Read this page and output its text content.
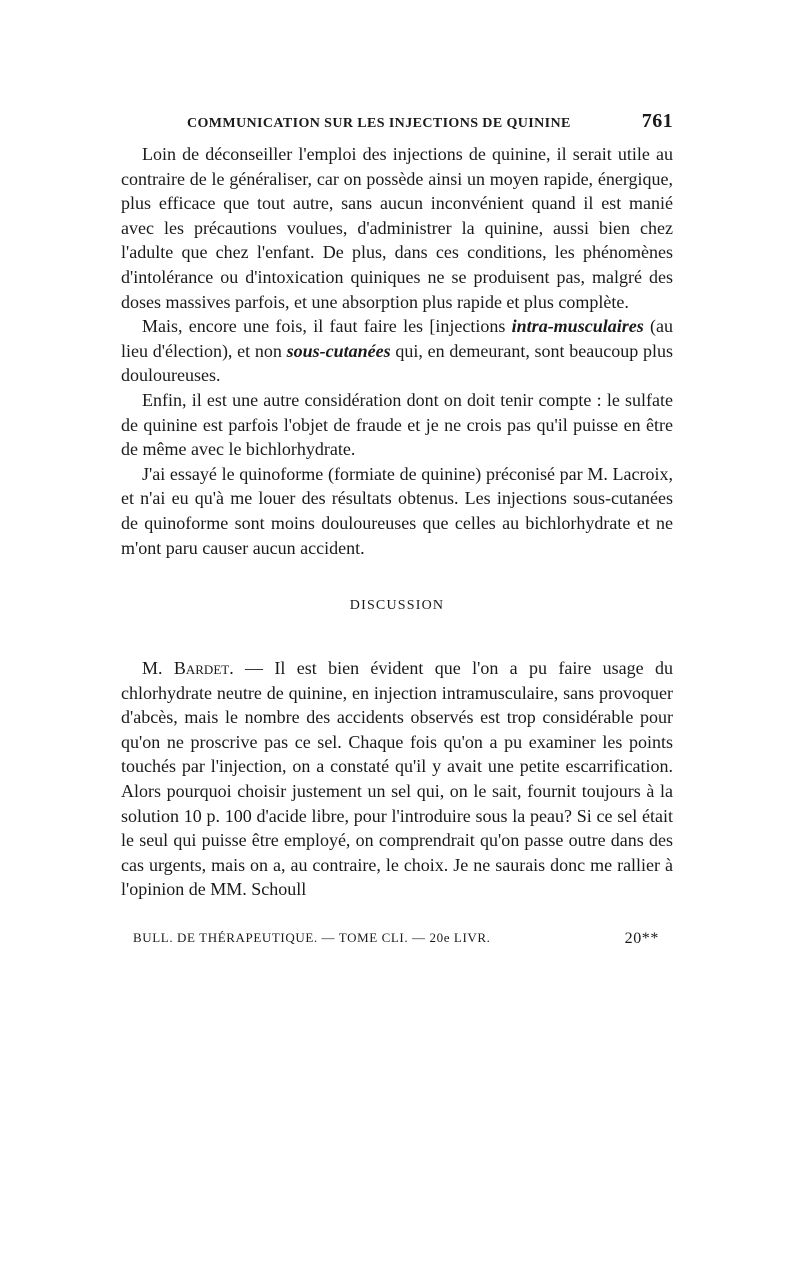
COMMUNICATION SUR LES INJECTIONS DE QUININE	761

Loin de déconseiller l'emploi des injections de quinine, il serait utile au contraire de le généraliser, car on possède ainsi un moyen rapide, énergique, plus efficace que tout autre, sans aucun inconvénient quand il est manié avec les précautions voulues, d'administrer la quinine, aussi bien chez l'adulte que chez l'enfant. De plus, dans ces conditions, les phénomènes d'intolérance ou d'intoxication quiniques ne se produisent pas, malgré des doses massives parfois, et une absorption plus rapide et plus complète.

Mais, encore une fois, il faut faire les [injections intra-musculaires (au lieu d'élection), et non sous-cutanées qui, en demeurant, sont beaucoup plus douloureuses.

Enfin, il est une autre considération dont on doit tenir compte : le sulfate de quinine est parfois l'objet de fraude et je ne crois pas qu'il puisse en être de même avec le bichlorhydrate.

J'ai essayé le quinoforme (formiate de quinine) préconisé par M. Lacroix, et n'ai eu qu'à me louer des résultats obtenus. Les injections sous-cutanées de quinoforme sont moins douloureuses que celles au bichlorhydrate et ne m'ont paru causer aucun accident.

DISCUSSION

M. Bardet. — Il est bien évident que l'on a pu faire usage du chlorhydrate neutre de quinine, en injection intramusculaire, sans provoquer d'abcès, mais le nombre des accidents observés est trop considérable pour qu'on ne proscrive pas ce sel. Chaque fois qu'on a pu examiner les points touchés par l'injection, on a constaté qu'il y avait une petite escarrification. Alors pourquoi choisir justement un sel qui, on le sait, fournit toujours à la solution 10 p. 100 d'acide libre, pour l'introduire sous la peau? Si ce sel était le seul qui puisse être employé, on comprendrait qu'on passe outre dans des cas urgents, mais on a, au contraire, le choix. Je ne saurais donc me rallier à l'opinion de MM. Schoull

BULL. DE THÉRAPEUTIQUE. — TOME CLI. — 20e LIVR.	20**
